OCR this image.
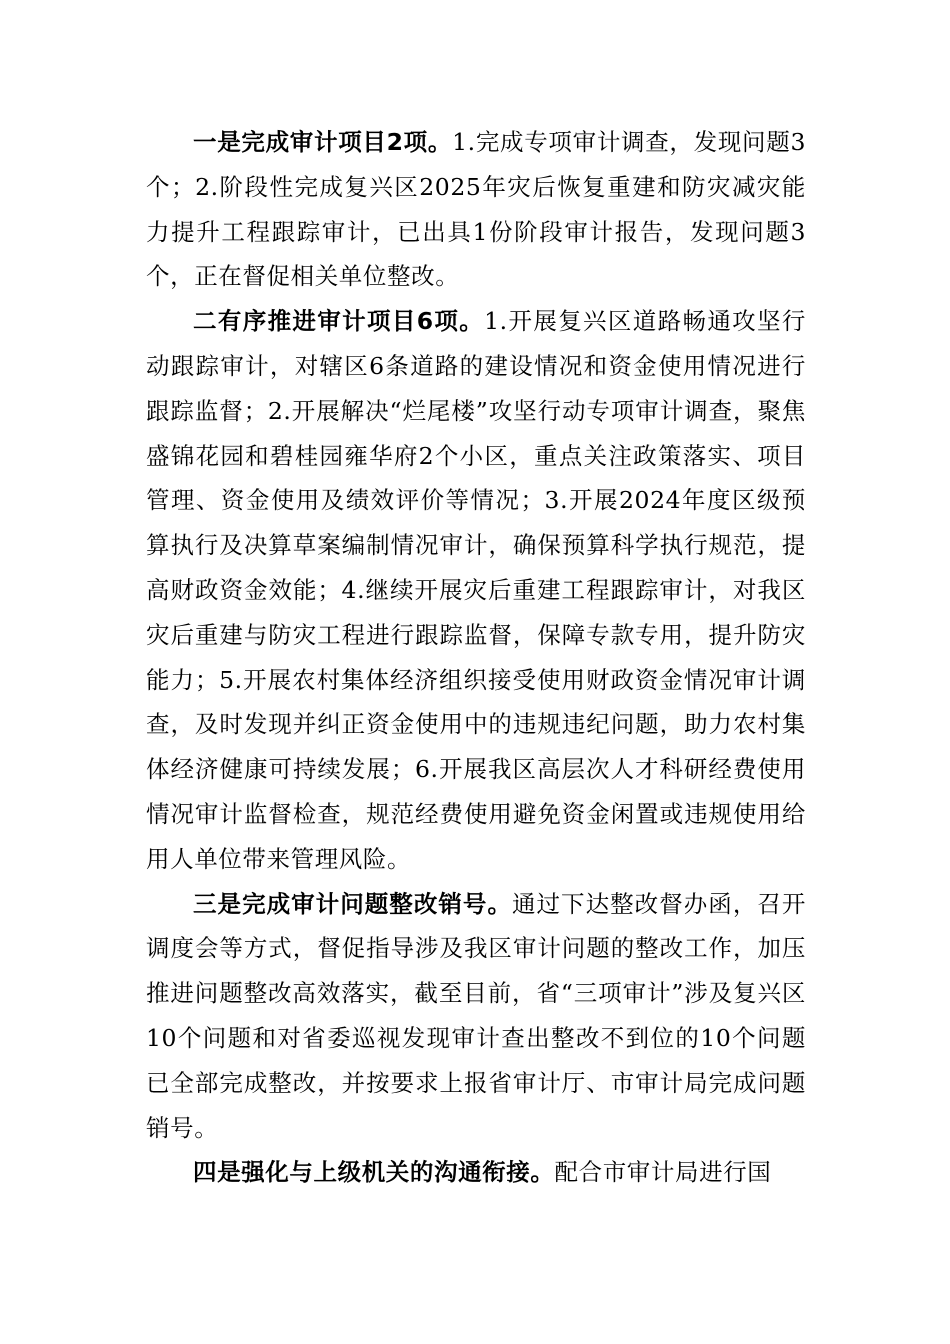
一是完成审计项目2项。1.完成专项审计调查，发现问题3个；2.阶段性完成复兴区2025年灾后恢复重建和防灾减灾能力提升工程跟踪审计，已出具1份阶段审计报告，发现问题3个，正在督促相关单位整改。

二有序推进审计项目6项。1.开展复兴区道路畅通攻坚行动跟踪审计，对辖区6条道路的建设情况和资金使用情况进行跟踪监督；2.开展解决“烂尾楼”攻坚行动专项审计调查，聚焦盛锦花园和碧桂园雍华府2个小区，重点关注政策落实、项目管理、资金使用及绩效评价等情况；3.开展2024年度区级预算执行及决算草案编制情况审计，确保预算科学执行规范，提高财政资金效能；4.继续开展灾后重建工程跟踪审计，对我区灾后重建与防灾工程进行跟踪监督，保障专款专用，提升防灾能力；5.开展农村集体经济组织接受使用财政资金情况审计调查，及时发现并纠正资金使用中的违规违纪问题，助力农村集体经济健康可持续发展；6.开展我区高层次人才科研经费使用情况审计监督检查，规范经费使用避免资金闲置或违规使用给用人单位带来管理风险。

三是完成审计问题整改销号。通过下达整改督办函，召开调度会等方式，督促指导涉及我区审计问题的整改工作，加压推进问题整改高效落实，截至目前，省“三项审计”涉及复兴区10个问题和对省委巡视发现审计查出整改不到位的10个问题已全部完成整改，并按要求上报省审计厅、市审计局完成问题销号。

四是强化与上级机关的沟通衔接。配合市审计局进行国
